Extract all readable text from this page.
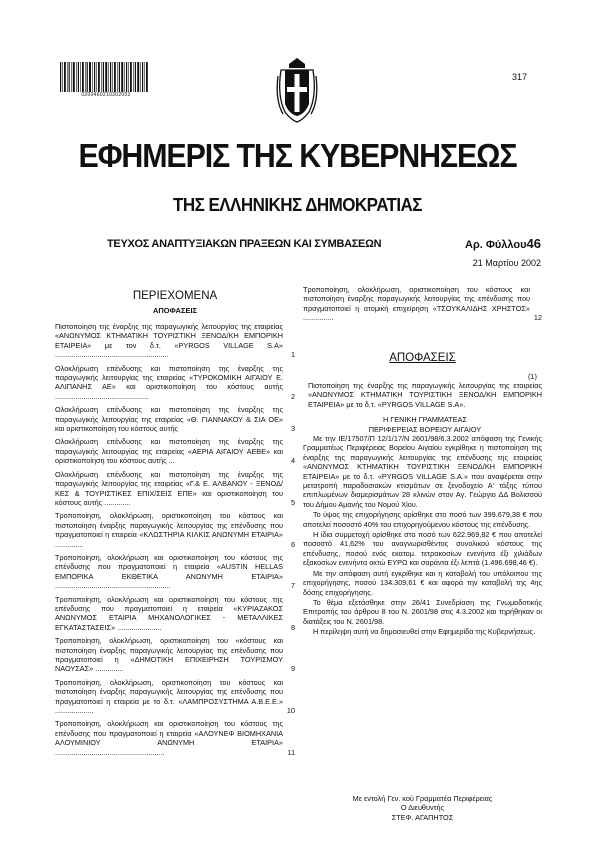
0200460210302002
317
ΕΦΗΜΕΡΙΣ ΤΗΣ ΚΥΒΕΡΝΗΣΕΩΣ
ΤΗΣ ΕΛΛΗΝΙΚΗΣ ΔΗΜΟΚΡΑΤΙΑΣ
ΤΕΥΧΟΣ ΑΝΑΠΤΥΞΙΑΚΩΝ ΠΡΑΞΕΩΝ ΚΑΙ ΣΥΜΒΑΣΕΩΝ	Αρ. Φύλλου46
21 Μαρτίου 2002
ΠΕΡΙΕΧΟΜΕΝΑ
ΑΠΟΦΑΣΕΙΣ
Πιστοποίηση της έναρξης της παραγωγικής λειτουργίας της εταιρείας «ΑΝΩΝΥΜΟΣ ΚΤΗΜΑΤΙΚΗ ΤΟΥΡΙΣΤΙΚΗ ΞΕΝΟΔ/ΚΗ ΕΜΠΟΡΙΚΗ ΕΤΑΙΡΕΙΑ» με τον δ.τ. «PYRGOS VILLAGE S.A» ........................................................	1
Ολοκλήρωση επένδυσης και πιστοποίηση της έναρξης της παραγωγικής λειτουργίας της εταιρείας «ΤΥΡΟΚΟΜΙΚΗ ΑΙΓΑΙΟΥ Ε. ΑΛΙΠΑΝΗΣ ΑΕ» και οριστικοποίηση του κόστους αυτής ..............................................	2
Ολοκλήρωση επένδυσης και πιστοποίηση της έναρξης της παραγωγικής λειτουργίας της εταιρείας «Θ. ΓΙΑΝΝΑΚΟΥ & ΣΙΑ ΟΕ» και οριστικοποίηση του κόστους αυτής	3
Ολοκλήρωση επένδυσης και πιστοποίηση της έναρξης της παραγωγικής λειτουργίας της εταιρείας «ΑΕΡΙΑ ΑΙΓΑΙΟΥ ΑΕΒΕ» και οριστικοποίηση του κόστους αυτής ...	4
Ολοκλήρωση επένδυσης και πιστοποίηση της έναρξης της παραγωγικής λειτουργίας της εταιρείας «Γ.& Ε. ΑΛΒΑΝΟΥ - ΞΕΝΟΔ/ΚΕΣ & ΤΟΥΡΙΣΤΙΚΕΣ ΕΠΙΧ/ΣΕΙΣ ΕΠΕ» και οριστικοποίηση του κόστους αυτής .............	5
Τροποποίηση, ολοκλήρωση, οριστικοποίηση του κόστους και πιστοποίηση έναρξης παραγωγικής λειτουργίας της επένδυσης που πραγματοποιεί η εταιρεία «ΚΛΩΣΤΗΡΙΑ ΚΙΛΚΙΣ ΑΝΩΝΥΜΗ ΕΤΑΙΡΙΑ» ..............	6
Τροποποίηση, ολοκλήρωση και οριστικοποίηση του κόστους της επένδυσης που πραγματοποιεί η εταιρεία «AUSTIN HELLAS ΕΜΠΟΡΙΚΑ ΕΚΘΕΤΙΚΑ ΑΝΩΝΥΜΗ ΕΤΑΙΡΙΑ» .........................................................	7
Τροποποίηση, ολοκλήρωση και οριστικοποίηση του κόστους της επένδυσης που πραγματοποιεί η εταιρεία «ΚΥΡΙΑΖΑΚΟΣ ΑΝΩΝΥΜΟΣ ΕΤΑΙΡΙΑ ΜΗΧΑΝΟΛΟΓΙΚΕΣ - ΜΕΤΑΛΛΙΚΕΣ ΕΓΚΑΤΑΣΤΑΣΕΙΣ» ......................	8
Τροποποίηση, ολοκλήρωση, οριστικοποίηση του «κόστους και πιστοποίηση έναρξης παραγωγικής λειτουργίας της επένδυσης που πραγματοποιεί η «ΔΗΜΟΤΙΚΗ ΕΠΙΧΕΙΡΗΣΗ ΤΟΥΡΙΣΜΟΥ ΝΑΟΥΣΑΣ» ..............	9
Τροποποίηση, ολοκλήρωση, οριστικοποίηση του κόστους και πιστοποίηση έναρξης παραγωγικής λειτουργίας της επένδυσης που πραγματοποιεί η εταιρεία με το δ.τ. «ΛΑΜΠΡΟΣΥΣΤΗΜΑ Α.Β.Ε.Ε.» ...................	10
Τροποποίηση, ολοκλήρωση και οριστικοποίηση του κόστους της επένδυσης που πραγματοποιεί η εταιρεία «ΑΛΟΥΝΕΦ ΒΙΟΜΗΧΑΝΙΑ ΑΛΟΥΜΙΝΙΟΥ ΑΝΩΝΥΜΗ ΕΤΑΙΡΙΑ» ......................................................	11
Τροποποίηση, ολοκλήρωση, οριστικοποίηση του κόστους και πιστοποίηση έναρξης παραγωγικής λειτουργίας της επένδυσης που πραγματοποιεί η ατομική επιχείρηση «ΤΣΟΥΚΑΛΙΔΗΣ ΧΡΗΣΤΟΣ» ...............	12
ΑΠΟΦΑΣΕΙΣ
(1)

Πιστοποίηση της έναρξης της παραγωγικής λειτουργίας της εταιρείας «ΑΝΩΝΥΜΟΣ ΚΤΗΜΑΤΙΚΗ ΤΟΥΡΙΣΤΙΚΗ ΞΕΝΟΔ/ΚΗ ΕΜΠΟΡΙΚΗ ΕΤΑΙΡΕΙΑ» με το δ.τ. «PYRGOS VILLAGE S.A».

Η ΓΕΝΙΚΗ ΓΡΑΜΜΑΤΕΑΣ

ΠΕΡΙΦΕΡΕΙΑΣ ΒΟΡΕΙΟΥ ΑΙΓΑΙΟΥ

Με την ΙΕ/17507/Π 12/1/17/Ν 2601/98/6.3.2002 απόφαση της Γενικής Γραμματέως Περιφέρειας Βορείου Αιγαίου εγκρίθηκε η πιστοποίηση της έναρξης της παραγωγικής λειτουργίας της επένδυσης της εταιρείας «ΑΝΩΝΥΜΟΣ ΚΤΗΜΑΤΙΚΗ ΤΟΥΡΙΣΤΙΚΗ ΞΕΝΟΔ/ΚΗ ΕΜΠΟΡΙΚΗ ΕΤΑΙΡΕΙΑ» με το δ.τ. «PYRGOS VILLAGE S.A.» που αναφέρεται στην μετατροπή παραδοσιακών κτισμάτων σε ξενοδοχείο Α' τάξης τύπου επιπλωμένων διαμερισμάτων 28 κλινών στον Αγ. Γεώργιο ΔΔ Βολισσού του Δήμου Αμανής του Νομού Χίου.

Το ύψος της επιχορήγησης ορίσθηκε στο ποσό των 399.679,38 € που αποτελεί ποσοστό 40% του επιχορηγούμενου κόστους της επένδυσης.

Η ίδια συμμετοχή ορίσθηκε στο ποσό των 622.969,82 € που αποτελεί ποσοστό 41,62% του αναγνωρισθέντος συνολικού κόστους της επένδυσης, ποσού ενός εκατομ. τετρακοσίων ενενήντα έξι χιλιάδων εξακοσίων ενενήντα οκτώ ΕΥΡΩ και σαράντα έξι λεπτά (1.496.698,46 €).

Με την απόφαση αυτή εγκρίθηκε και η καταβολή του υπόλοιπου της επιχορήγησης, ποσού 134.309,61 € και αφορά την καταβολή της 4ης δόσης επιχορήγησης.

Το θέμα εξετάσθηκε στην 26/41 Συνεδρίαση της Γνωμοδοτικής Επιτροπής του άρθρου 8 του Ν. 2601/98 στις 4.3.2002 και τηρήθηκαν οι διατάξεις του Ν. 2601/98.

Η περίληψη αυτή να δημοσιευθεί στην Εφημερίδα της Κυβερνήσεως.

Με εντολή Γεν. κού Γραμματέα Περιφέρειας

Ο Διευθυντής

ΣΤΕΦ. ΑΓΑΠΗΤΟΣ
